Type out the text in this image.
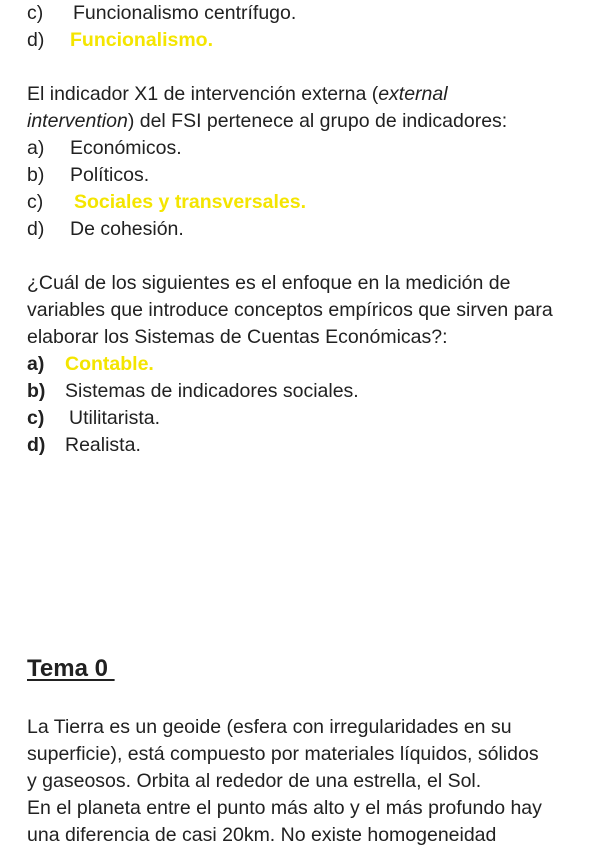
c) Funcionalismo centrífugo.
d) Funcionalismo.
El indicador X1 de intervención externa (external
intervention) del FSI pertenece al grupo de indicadores:
a) Económicos.
b) Políticos.
c) Sociales y transversales.
d) De cohesión.
¿Cuál de los siguientes es el enfoque en la medición de
variables que introduce conceptos empíricos que sirven para
elaborar los Sistemas de Cuentas Económicas?:
a) Contable.
b) Sistemas de indicadores sociales.
c) Utilitarista.
d) Realista.
Tema 0
La Tierra es un geoide (esfera con irregularidades en su
superficie), está compuesto por materiales líquidos, sólidos
y gaseosos. Orbita al rededor de una estrella, el Sol.
En el planeta entre el punto más alto y el más profundo hay
una diferencia de casi 20km. No existe homogeneidad
